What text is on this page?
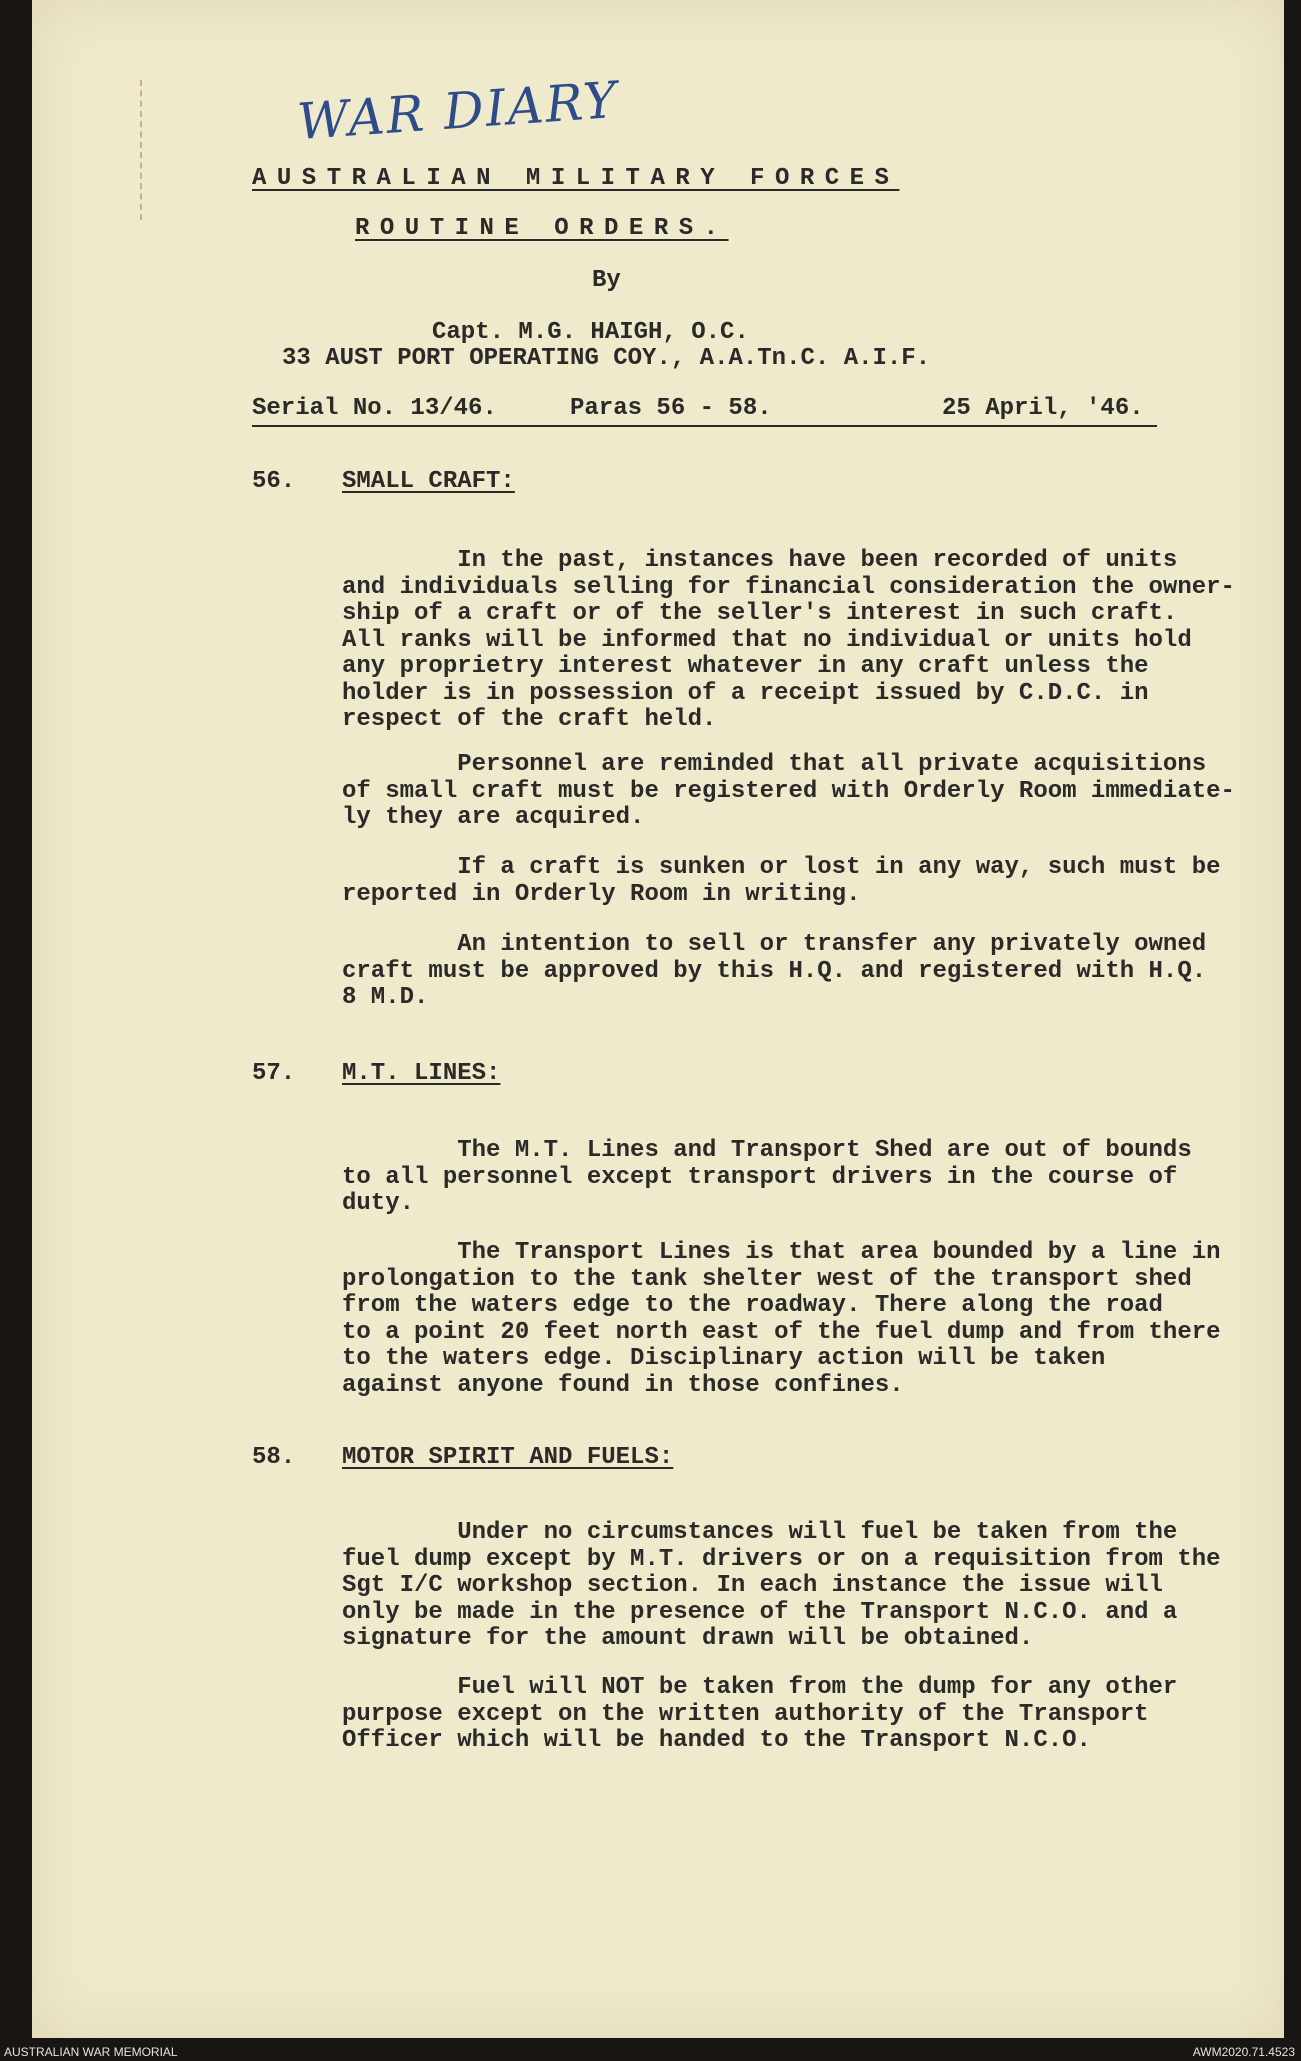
WAR DIARY
AUSTRALIAN MILITARY FORCES
ROUTINE ORDERS.
By
Capt. M.G. HAIGH, O.C.
33 AUST PORT OPERATING COY., A.A.Tn.C. A.I.F.
Serial No. 13/46.	Paras 56 - 58.	25 April, '46.
56. SMALL CRAFT:
In the past, instances have been recorded of units
and individuals selling for financial consideration the owner-
ship of a craft or of the seller's interest in such craft.
All ranks will be informed that no individual or units hold
any proprietry interest whatever in any craft unless the
holder is in possession of a receipt issued by C.D.C. in
respect of the craft held.
Personnel are reminded that all private acquisitions
of small craft must be registered with Orderly Room immediate-
ly they are acquired.
If a craft is sunken or lost in any way, such must be
reported in Orderly Room in writing.
An intention to sell or transfer any privately owned
craft must be approved by this H.Q. and registered with H.Q.
8 M.D.
57. M.T. LINES:
The M.T. Lines and Transport Shed are out of bounds
to all personnel except transport drivers in the course of
duty.
The Transport Lines is that area bounded by a line in
prolongation to the tank shelter west of the transport shed
from the waters edge to the roadway. There along the road
to a point 20 feet north east of the fuel dump and from there
to the waters edge. Disciplinary action will be taken
against anyone found in those confines.
58. MOTOR SPIRIT AND FUELS:
Under no circumstances will fuel be taken from the
fuel dump except by M.T. drivers or on a requisition from the
Sgt I/C workshop section. In each instance the issue will
only be made in the presence of the Transport N.C.O. and a
signature for the amount drawn will be obtained.
Fuel will NOT be taken from the dump for any other
purpose except on the written authority of the Transport
Officer which will be handed to the Transport N.C.O.
AUSTRALIAN WAR MEMORIAL	AWM2020.71.4523
